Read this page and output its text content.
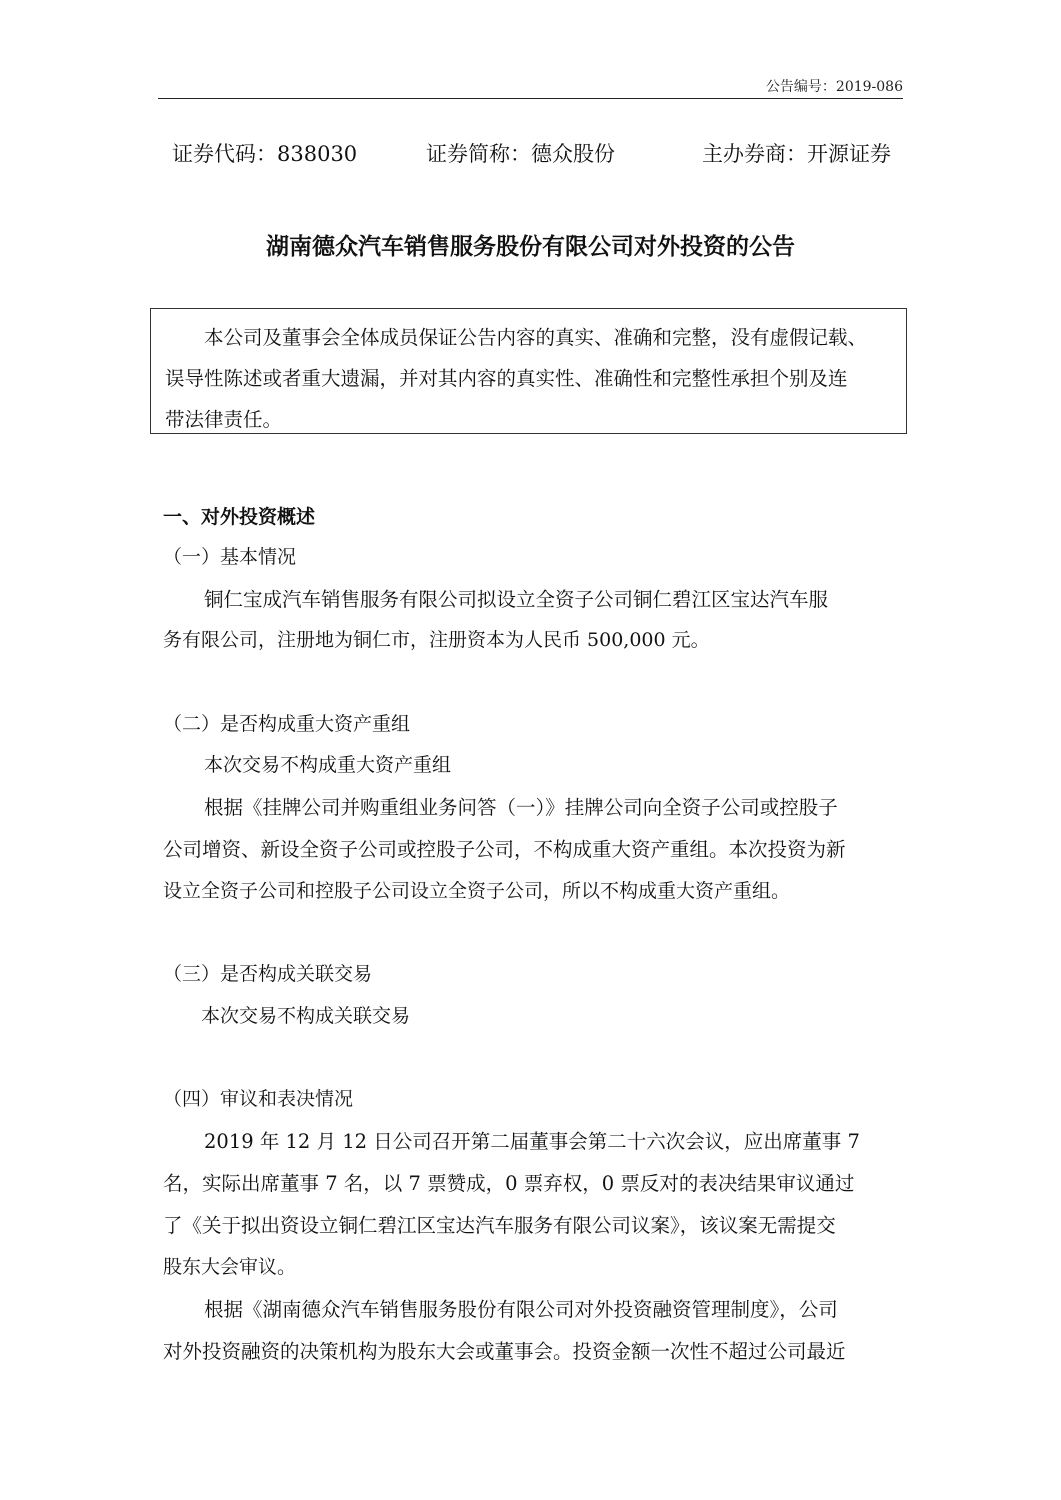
公告编号：2019-086
证券代码：838030	证券简称：德众股份	主办券商：开源证券
湖南德众汽车销售服务股份有限公司对外投资的公告
本公司及董事会全体成员保证公告内容的真实、准确和完整，没有虚假记载、
误导性陈述或者重大遗漏，并对其内容的真实性、准确性和完整性承担个别及连
带法律责任。
一、对外投资概述
（一）基本情况
铜仁宝成汽车销售服务有限公司拟设立全资子公司铜仁碧江区宝达汽车服
务有限公司，注册地为铜仁市，注册资本为人民币 500,000 元。
（二）是否构成重大资产重组
本次交易不构成重大资产重组
根据《挂牌公司并购重组业务问答（一）》挂牌公司向全资子公司或控股子
公司增资、新设全资子公司或控股子公司，不构成重大资产重组。本次投资为新
设立全资子公司和控股子公司设立全资子公司，所以不构成重大资产重组。
（三）是否构成关联交易
本次交易不构成关联交易
（四）审议和表决情况
2019 年 12 月 12 日公司召开第二届董事会第二十六次会议，应出席董事 7
名，实际出席董事 7 名，以 7 票赞成，0 票弃权，0 票反对的表决结果审议通过
了《关于拟出资设立铜仁碧江区宝达汽车服务有限公司议案》，该议案无需提交
股东大会审议。
根据《湖南德众汽车销售服务股份有限公司对外投资融资管理制度》，公司
对外投资融资的决策机构为股东大会或董事会。投资金额一次性不超过公司最近
